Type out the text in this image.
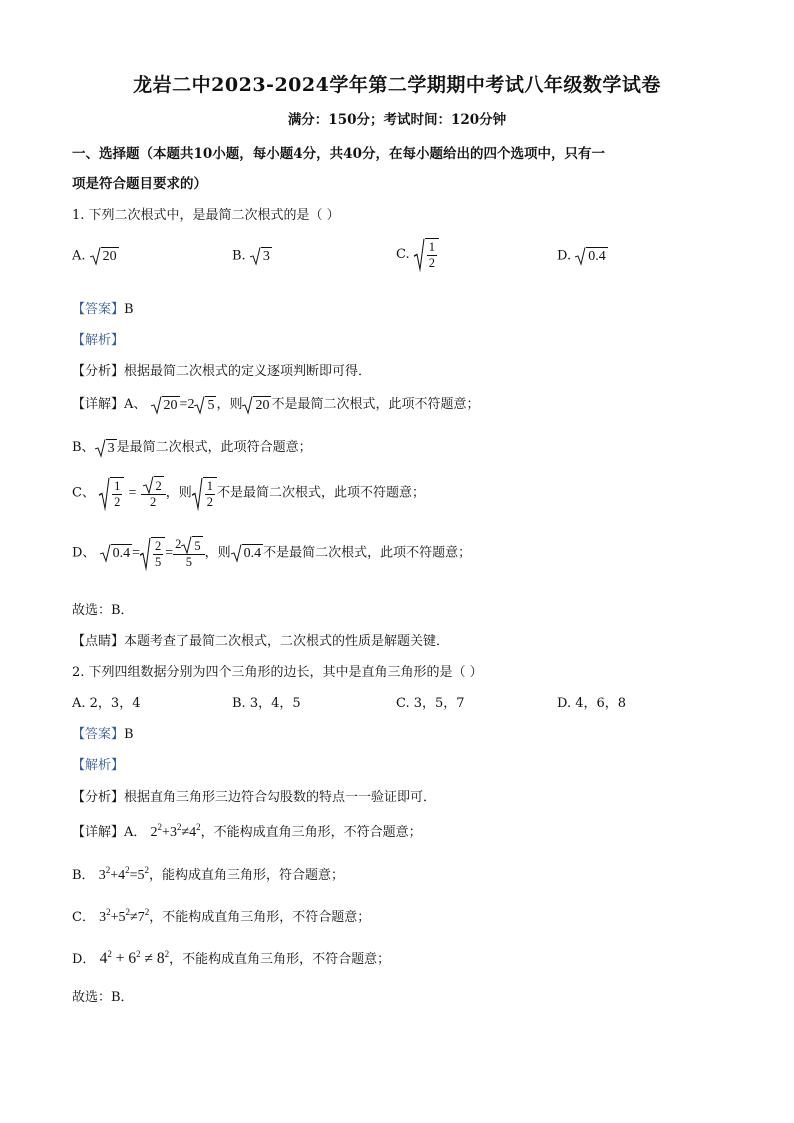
龙岩二中2023-2024学年第二学期期中考试八年级数学试卷
满分：150分；考试时间：120分钟
一、选择题（本题共10小题，每小题4分，共40分，在每小题给出的四个选项中，只有一
项是符合题目要求的）
1. 下列二次根式中，是最简二次根式的是（ ）
A. 20	B. 3	C. $\frac{1}{2}$	D. 0.4
【答案】B
【解析】
【分析】根据最简二次根式的定义逐项判断即可得．
【详解】A、 20 =2 5 ，则 20 不是最简二次根式，此项不符题意；
B、 3 是最简二次根式，此项符合题意；
C、 $\frac{1}{2} = \frac{2}{2}$ ，则 $\frac{1}{2}$ 不是最简二次根式，此项不符题意；
D、 $0.4 = \frac{2}{5} = \frac{2 5}{5}$ ，则 0.4 不是最简二次根式，此项不符题意；
故选：B．
【点睛】本题考查了最简二次根式，二次根式的性质是解题关键．
2. 下列四组数据分别为四个三角形的边长，其中是直角三角形的是（ ）
A. 2，3，4	B. 3，4，5	C. 3，5，7	D. 4，6，8
【答案】B
【解析】
【分析】根据直角三角形三边符合勾股数的特点一一验证即可．
【详解】A． $2^2+3^2\ne 4^2$，不能构成直角三角形，不符合题意；
B． $3^2+4^2=5^2$，能构成直角三角形，符合题意；
C． $3^2+5^2\ne 7^2$，不能构成直角三角形，不符合题意；
D． $4^2 + 6^2 \ne 8^2$，不能构成直角三角形，不符合题意；
故选：B．
